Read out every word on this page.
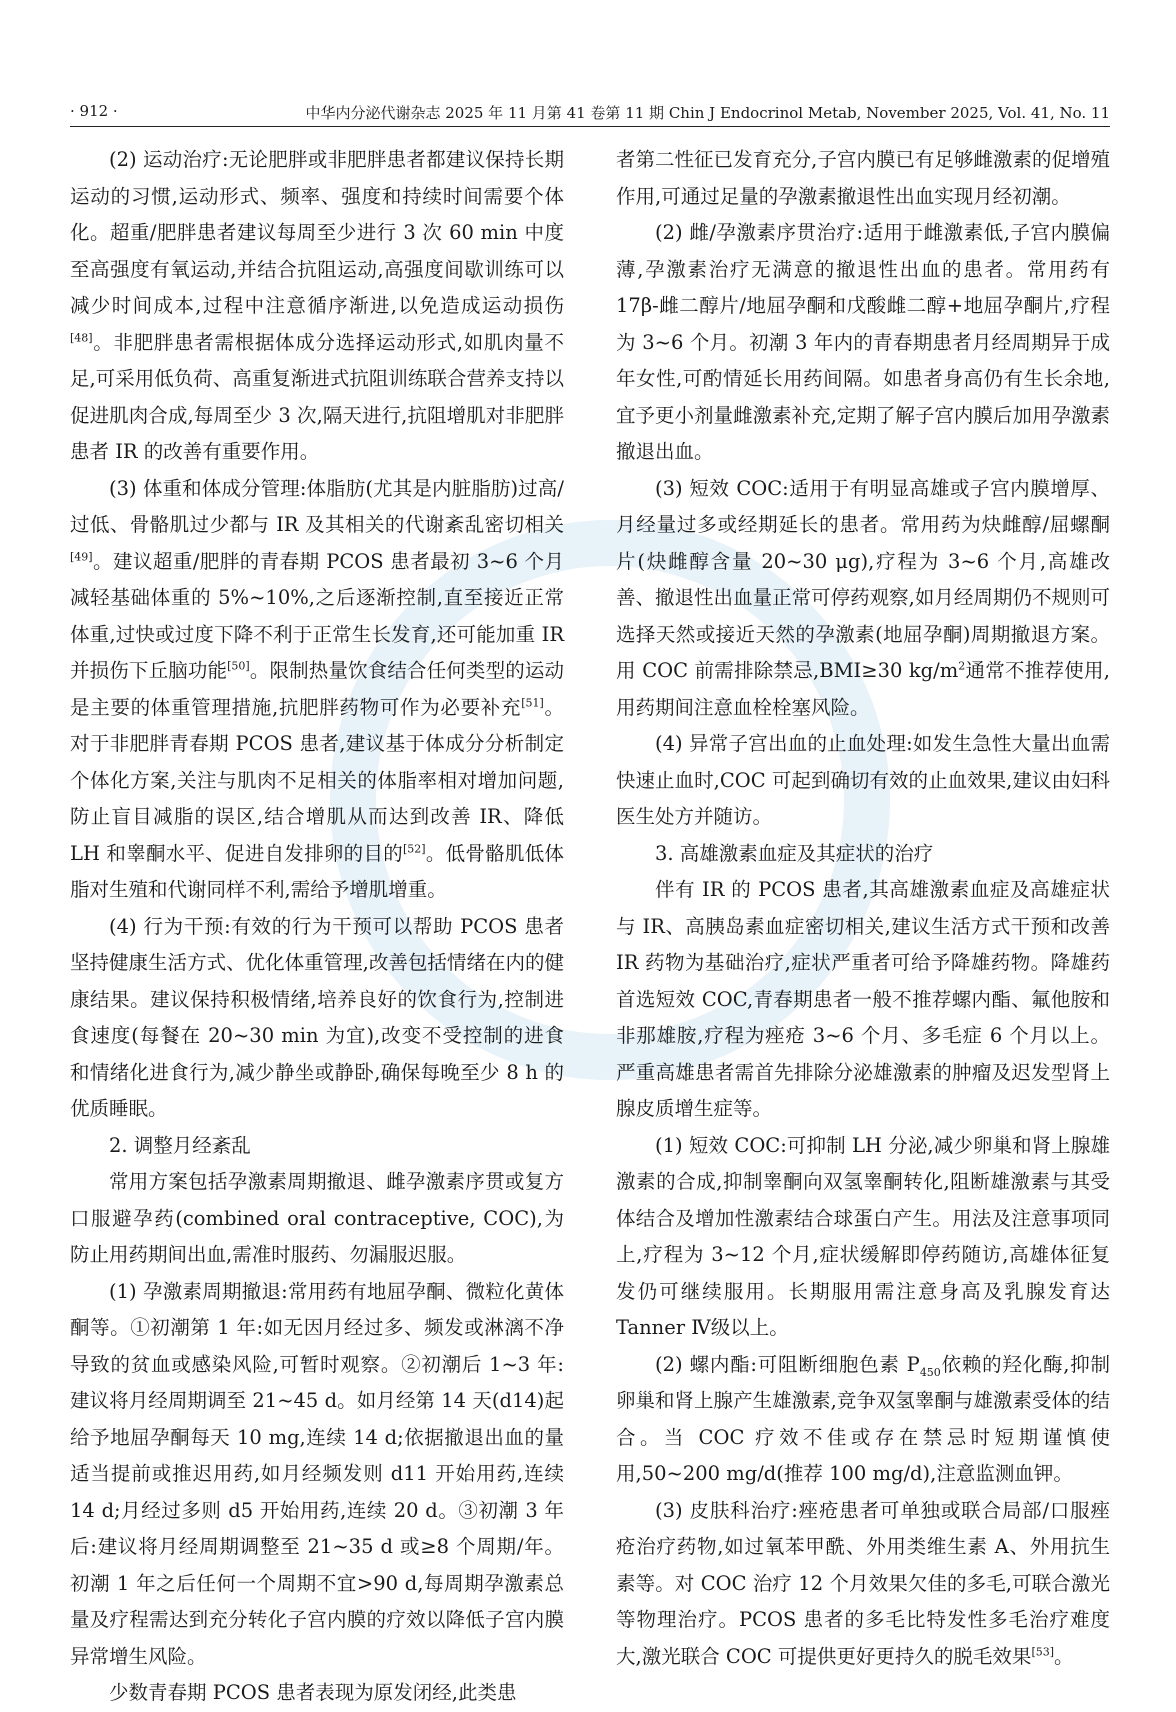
· 912 ·	中华内分泌代谢杂志 2025 年 11 月第 41 卷第 11 期 Chin J Endocrinol Metab, November 2025, Vol. 41, No. 11

(2) 运动治疗:无论肥胖或非肥胖患者都建议保持长期运动的习惯,运动形式、频率、强度和持续时间需要个体化。超重/肥胖患者建议每周至少进行 3 次 60 min 中度至高强度有氧运动,并结合抗阻运动,高强度间歇训练可以减少时间成本,过程中注意循序渐进,以免造成运动损伤[48]。非肥胖患者需根据体成分选择运动形式,如肌肉量不足,可采用低负荷、高重复渐进式抗阻训练联合营养支持以促进肌肉合成,每周至少 3 次,隔天进行,抗阻增肌对非肥胖患者 IR 的改善有重要作用。

(3) 体重和体成分管理:体脂肪(尤其是内脏脂肪)过高/过低、骨骼肌过少都与 IR 及其相关的代谢紊乱密切相关[49]。建议超重/肥胖的青春期 PCOS 患者最初 3~6 个月减轻基础体重的 5%~10%,之后逐渐控制,直至接近正常体重,过快或过度下降不利于正常生长发育,还可能加重 IR 并损伤下丘脑功能[50]。限制热量饮食结合任何类型的运动是主要的体重管理措施,抗肥胖药物可作为必要补充[51]。对于非肥胖青春期 PCOS 患者,建议基于体成分分析制定个体化方案,关注与肌肉不足相关的体脂率相对增加问题,防止盲目减脂的误区,结合增肌从而达到改善 IR、降低 LH 和睾酮水平、促进自发排卵的目的[52]。低骨骼肌低体脂对生殖和代谢同样不利,需给予增肌增重。

(4) 行为干预:有效的行为干预可以帮助 PCOS 患者坚持健康生活方式、优化体重管理,改善包括情绪在内的健康结果。建议保持积极情绪,培养良好的饮食行为,控制进食速度(每餐在 20~30 min 为宜),改变不受控制的进食和情绪化进食行为,减少静坐或静卧,确保每晚至少 8 h 的优质睡眠。

2. 调整月经紊乱

常用方案包括孕激素周期撤退、雌孕激素序贯或复方口服避孕药(combined oral contraceptive, COC),为防止用药期间出血,需准时服药、勿漏服迟服。

(1) 孕激素周期撤退:常用药有地屈孕酮、微粒化黄体酮等。①初潮第 1 年:如无因月经过多、频发或淋漓不净导致的贫血或感染风险,可暂时观察。②初潮后 1~3 年:建议将月经周期调至 21~45 d。如月经第 14 天(d14)起给予地屈孕酮每天 10 mg,连续 14 d;依据撤退出血的量适当提前或推迟用药,如月经频发则 d11 开始用药,连续 14 d;月经过多则 d5 开始用药,连续 20 d。③初潮 3 年后:建议将月经周期调整至 21~35 d 或≥8 个周期/年。初潮 1 年之后任何一个周期不宜>90 d,每周期孕激素总量及疗程需达到充分转化子宫内膜的疗效以降低子宫内膜异常增生风险。

少数青春期 PCOS 患者表现为原发闭经,此类患

者第二性征已发育充分,子宫内膜已有足够雌激素的促增殖作用,可通过足量的孕激素撤退性出血实现月经初潮。

(2) 雌/孕激素序贯治疗:适用于雌激素低,子宫内膜偏薄,孕激素治疗无满意的撤退性出血的患者。常用药有 17β-雌二醇片/地屈孕酮和戊酸雌二醇+地屈孕酮片,疗程为 3~6 个月。初潮 3 年内的青春期患者月经周期异于成年女性,可酌情延长用药间隔。如患者身高仍有生长余地,宜予更小剂量雌激素补充,定期了解子宫内膜后加用孕激素撤退出血。

(3) 短效 COC:适用于有明显高雄或子宫内膜增厚、月经量过多或经期延长的患者。常用药为炔雌醇/屈螺酮片(炔雌醇含量 20~30 μg),疗程为 3~6 个月,高雄改善、撤退性出血量正常可停药观察,如月经周期仍不规则可选择天然或接近天然的孕激素(地屈孕酮)周期撤退方案。用 COC 前需排除禁忌,BMI≥30 $kg/m^2$通常不推荐使用,用药期间注意血栓栓塞风险。

(4) 异常子宫出血的止血处理:如发生急性大量出血需快速止血时,COC 可起到确切有效的止血效果,建议由妇科医生处方并随访。

3. 高雄激素血症及其症状的治疗

伴有 IR 的 PCOS 患者,其高雄激素血症及高雄症状与 IR、高胰岛素血症密切相关,建议生活方式干预和改善 IR 药物为基础治疗,症状严重者可给予降雄药物。降雄药首选短效 COC,青春期患者一般不推荐螺内酯、氟他胺和非那雄胺,疗程为痤疮 3~6 个月、多毛症 6 个月以上。严重高雄患者需首先排除分泌雄激素的肿瘤及迟发型肾上腺皮质增生症等。

(1) 短效 COC:可抑制 LH 分泌,减少卵巢和肾上腺雄激素的合成,抑制睾酮向双氢睾酮转化,阻断雄激素与其受体结合及增加性激素结合球蛋白产生。用法及注意事项同上,疗程为 3~12 个月,症状缓解即停药随访,高雄体征复发仍可继续服用。长期服用需注意身高及乳腺发育达 Tanner Ⅳ级以上。

(2) 螺内酯:可阻断细胞色素 $P_{450}$依赖的羟化酶,抑制卵巢和肾上腺产生雄激素,竞争双氢睾酮与雄激素受体的结合。当 COC 疗效不佳或存在禁忌时短期谨慎使用,50~200 mg/d(推荐 100 mg/d),注意监测血钾。

(3) 皮肤科治疗:痤疮患者可单独或联合局部/口服痤疮治疗药物,如过氧苯甲酰、外用类维生素 A、外用抗生素等。对 COC 治疗 12 个月效果欠佳的多毛,可联合激光等物理治疗。PCOS 患者的多毛比特发性多毛治疗难度大,激光联合 COC 可提供更好更持久的脱毛效果[53]。
